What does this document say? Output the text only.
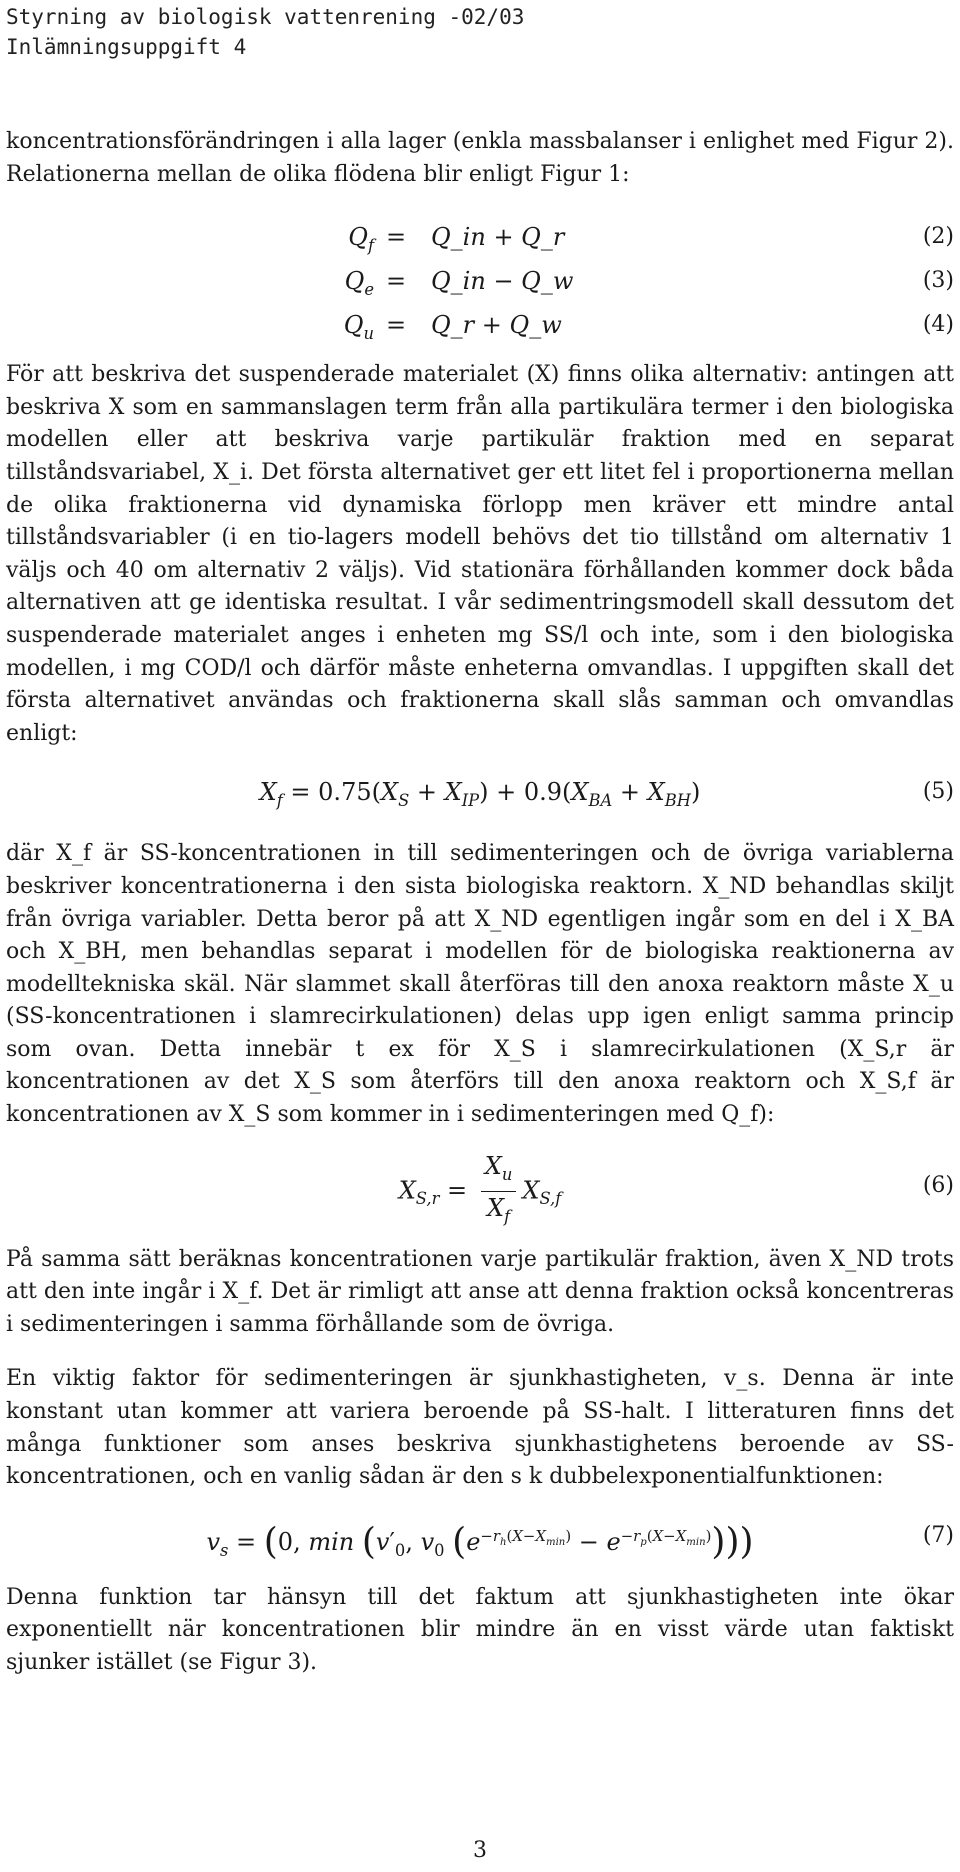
Styrning av biologisk vattenrening -02/03
Inlämningsuppgift 4

koncentrationsförändringen i alla lager (enkla massbalanser i enlighet med Figur 2). Relationerna mellan de olika flödena blir enligt Figur 1:

$Q_f$ = Q_in + Q_r	(2)
$Q_e$ = Q_in − Q_w	(3)
$Q_u$ = Q_r + Q_w	(4)

För att beskriva det suspenderade materialet (X) finns olika alternativ: antingen att beskriva X som en sammanslagen term från alla partikulära termer i den biologiska modellen eller att beskriva varje partikulär fraktion med en separat tillståndsvariabel, X_i. Det första alternativet ger ett litet fel i proportionerna mellan de olika fraktionerna vid dynamiska förlopp men kräver ett mindre antal tillståndsvariabler (i en tio-lagers modell behövs det tio tillstånd om alternativ 1 väljs och 40 om alternativ 2 väljs). Vid stationära förhållanden kommer dock båda alternativen att ge identiska resultat. I vår sedimentringsmodell skall dessutom det suspenderade materialet anges i enheten mg SS/l och inte, som i den biologiska modellen, i mg COD/l och därför måste enheterna omvandlas. I uppgiften skall det första alternativet användas och fraktionerna skall slås samman och omvandlas enligt:

$X_f = 0.75(X_S + X_{IP}) + 0.9(X_{BA} + X_{BH})$	(5)

där X_f är SS-koncentrationen in till sedimenteringen och de övriga variablerna beskriver koncentrationerna i den sista biologiska reaktorn. X_ND behandlas skiljt från övriga variabler. Detta beror på att X_ND egentligen ingår som en del i X_BA och X_BH, men behandlas separat i modellen för de biologiska reaktionerna av modelltekniska skäl. När slammet skall återföras till den anoxa reaktorn måste X_u (SS-koncentrationen i slamrecirkulationen) delas upp igen enligt samma princip som ovan. Detta innebär t ex för X_S i slamrecirkulationen (X_S,r är koncentrationen av det X_S som återförs till den anoxa reaktorn och X_S,f är koncentrationen av X_S som kommer in i sedimenteringen med Q_f):

$X_{S,r} = \frac{X_u}{X_f} X_{S,f}$
(6)

På samma sätt beräknas koncentrationen varje partikulär fraktion, även X_ND trots att den inte ingår i X_f. Det är rimligt att anse att denna fraktion också koncentreras i sedimenteringen i samma förhållande som de övriga.

En viktig faktor för sedimenteringen är sjunkhastigheten, v_s. Denna är inte konstant utan kommer att variera beroende på SS-halt. I litteraturen finns det många funktioner som anses beskriva sjunkhastighetens beroende av SS-koncentrationen, och en vanlig sådan är den s k dubbelexponentialfunktionen:

$v_s = (0$, $\min (v'_0$, $v_0$ $(e^{-r_h(X-X_{min})} - e^{-r_p(X-X_{min})})$))	(7)

Denna funktion tar hänsyn till det faktum att sjunkhastigheten inte ökar exponentiellt när koncentrationen blir mindre än en visst värde utan faktiskt sjunker istället (se Figur 3).

3
